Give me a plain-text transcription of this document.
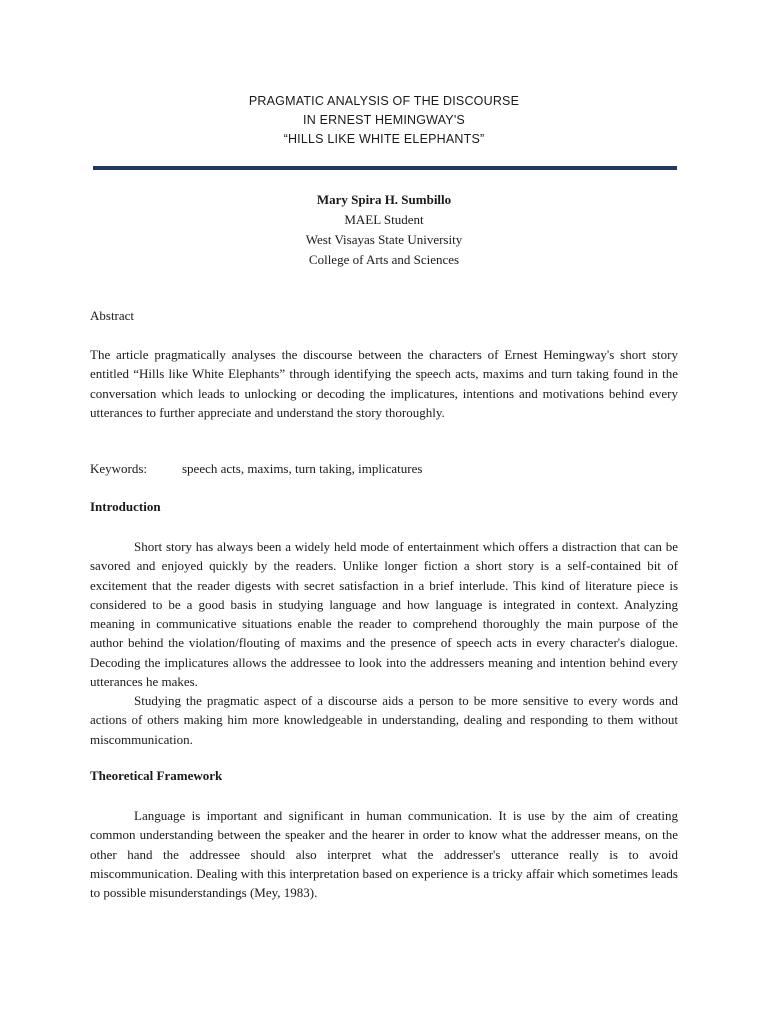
PRAGMATIC ANALYSIS OF THE DISCOURSE
IN ERNEST HEMINGWAY'S
“HILLS LIKE WHITE ELEPHANTS”
Mary Spira H. Sumbillo
MAEL Student
West Visayas State University
College of Arts and Sciences
Abstract
The article pragmatically analyses the discourse between the characters of Ernest Hemingway's short story entitled “Hills like White Elephants” through identifying the speech acts, maxims and turn taking found in the conversation which leads to unlocking or decoding the implicatures, intentions and motivations behind every utterances to further appreciate and understand the story thoroughly.
Keywords:	speech acts, maxims, turn taking, implicatures
Introduction
Short story has always been a widely held mode of entertainment which offers a distraction that can be savored and enjoyed quickly by the readers. Unlike longer fiction a short story is a self-contained bit of excitement that the reader digests with secret satisfaction in a brief interlude. This kind of literature piece is considered to be a good basis in studying language and how language is integrated in context. Analyzing meaning in communicative situations enable the reader to comprehend thoroughly the main purpose of the author behind the violation/flouting of maxims and the presence of speech acts in every character's dialogue. Decoding the implicatures allows the addressee to look into the addressers meaning and intention behind every utterances he makes.
Studying the pragmatic aspect of a discourse aids a person to be more sensitive to every words and actions of others making him more knowledgeable in understanding, dealing and responding to them without miscommunication.
Theoretical Framework
Language is important and significant in human communication. It is use by the aim of creating common understanding between the speaker and the hearer in order to know what the addresser means, on the other hand the addressee should also interpret what the addresser's utterance really is to avoid miscommunication. Dealing with this interpretation based on experience is a tricky affair which sometimes leads to possible misunderstandings (Mey, 1983).
